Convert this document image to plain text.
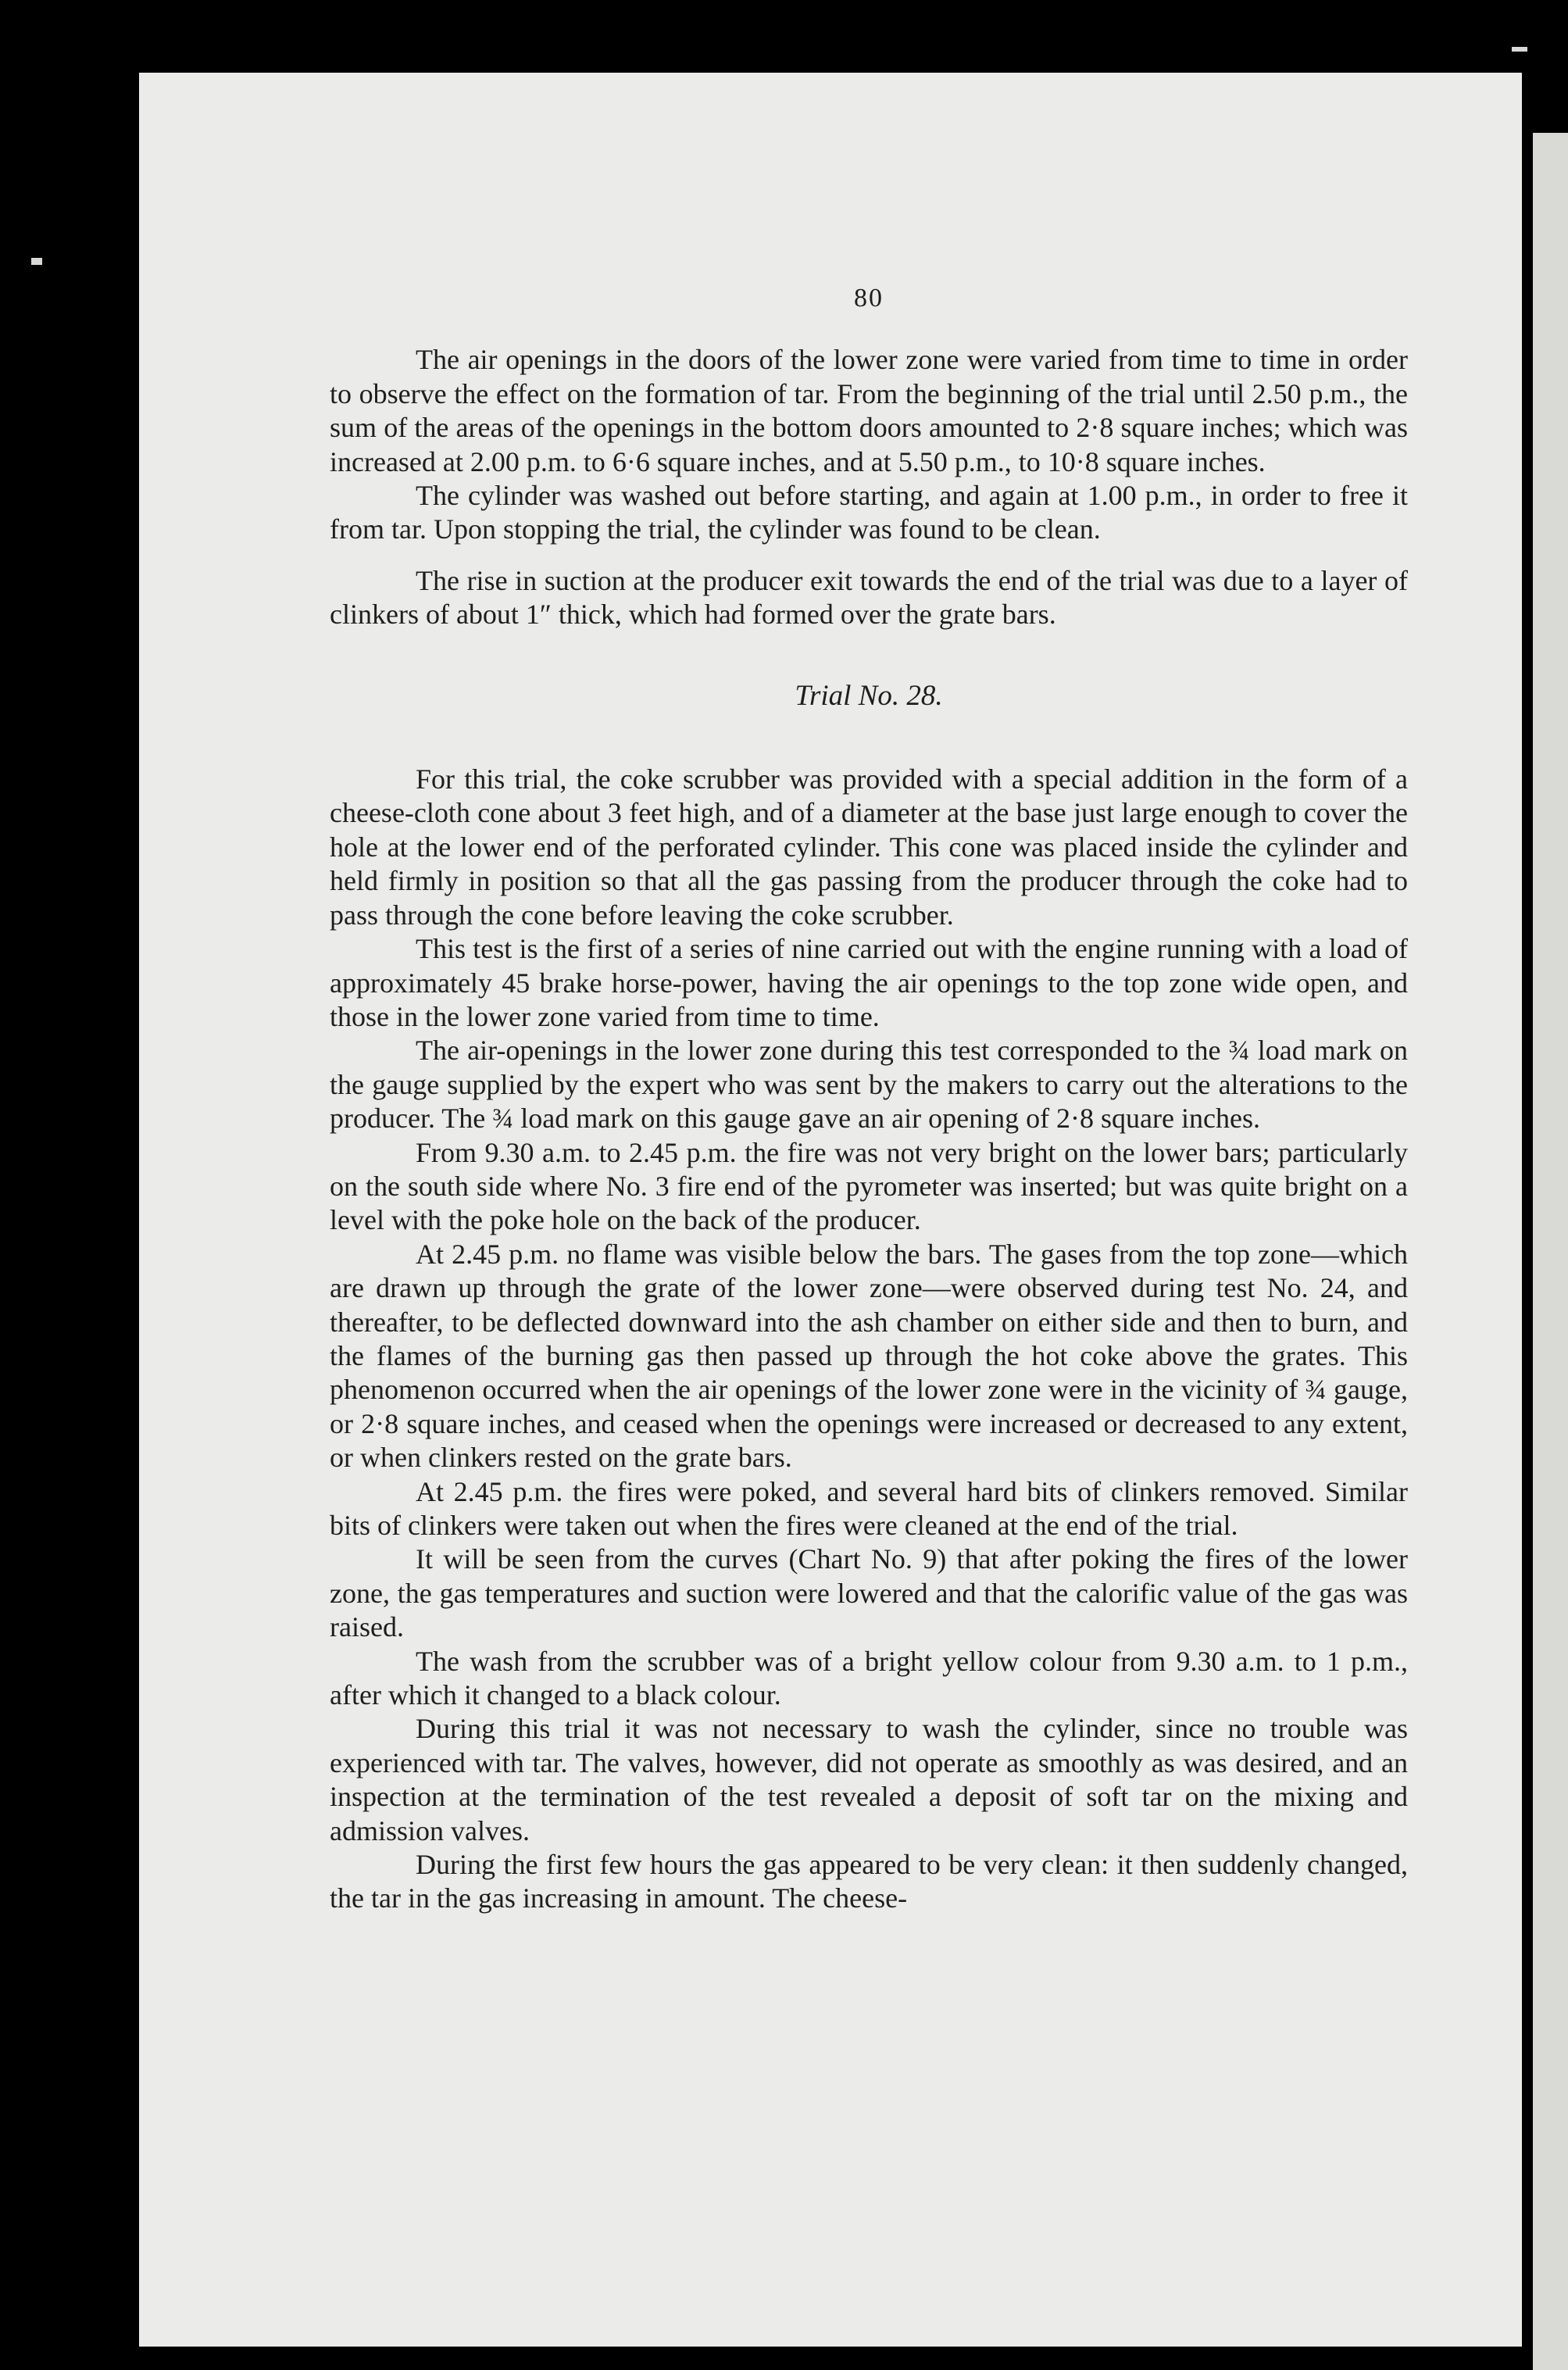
80

The air openings in the doors of the lower zone were varied from time to time in order to observe the effect on the formation of tar. From the beginning of the trial until 2.50 p.m., the sum of the areas of the openings in the bottom doors amounted to 2·8 square inches; which was increased at 2.00 p.m. to 6·6 square inches, and at 5.50 p.m., to 10·8 square inches.

The cylinder was washed out before starting, and again at 1.00 p.m., in order to free it from tar. Upon stopping the trial, the cylinder was found to be clean.

The rise in suction at the producer exit towards the end of the trial was due to a layer of clinkers of about 1″ thick, which had formed over the grate bars.

Trial No. 28.

For this trial, the coke scrubber was provided with a special addition in the form of a cheese-cloth cone about 3 feet high, and of a diameter at the base just large enough to cover the hole at the lower end of the perforated cylinder. This cone was placed inside the cylinder and held firmly in position so that all the gas passing from the producer through the coke had to pass through the cone before leaving the coke scrubber.

This test is the first of a series of nine carried out with the engine running with a load of approximately 45 brake horse-power, having the air openings to the top zone wide open, and those in the lower zone varied from time to time.

The air-openings in the lower zone during this test corresponded to the ¾ load mark on the gauge supplied by the expert who was sent by the makers to carry out the alterations to the producer. The ¾ load mark on this gauge gave an air opening of 2·8 square inches.

From 9.30 a.m. to 2.45 p.m. the fire was not very bright on the lower bars; particularly on the south side where No. 3 fire end of the pyrometer was inserted; but was quite bright on a level with the poke hole on the back of the producer.

At 2.45 p.m. no flame was visible below the bars. The gases from the top zone—which are drawn up through the grate of the lower zone—were observed during test No. 24, and thereafter, to be deflected downward into the ash chamber on either side and then to burn, and the flames of the burning gas then passed up through the hot coke above the grates. This phenomenon occurred when the air openings of the lower zone were in the vicinity of ¾ gauge, or 2·8 square inches, and ceased when the openings were increased or decreased to any extent, or when clinkers rested on the grate bars.

At 2.45 p.m. the fires were poked, and several hard bits of clinkers removed. Similar bits of clinkers were taken out when the fires were cleaned at the end of the trial.

It will be seen from the curves (Chart No. 9) that after poking the fires of the lower zone, the gas temperatures and suction were lowered and that the calorific value of the gas was raised.

The wash from the scrubber was of a bright yellow colour from 9.30 a.m. to 1 p.m., after which it changed to a black colour.

During this trial it was not necessary to wash the cylinder, since no trouble was experienced with tar. The valves, however, did not operate as smoothly as was desired, and an inspection at the termination of the test revealed a deposit of soft tar on the mixing and admission valves.

During the first few hours the gas appeared to be very clean: it then suddenly changed, the tar in the gas increasing in amount. The cheese-
